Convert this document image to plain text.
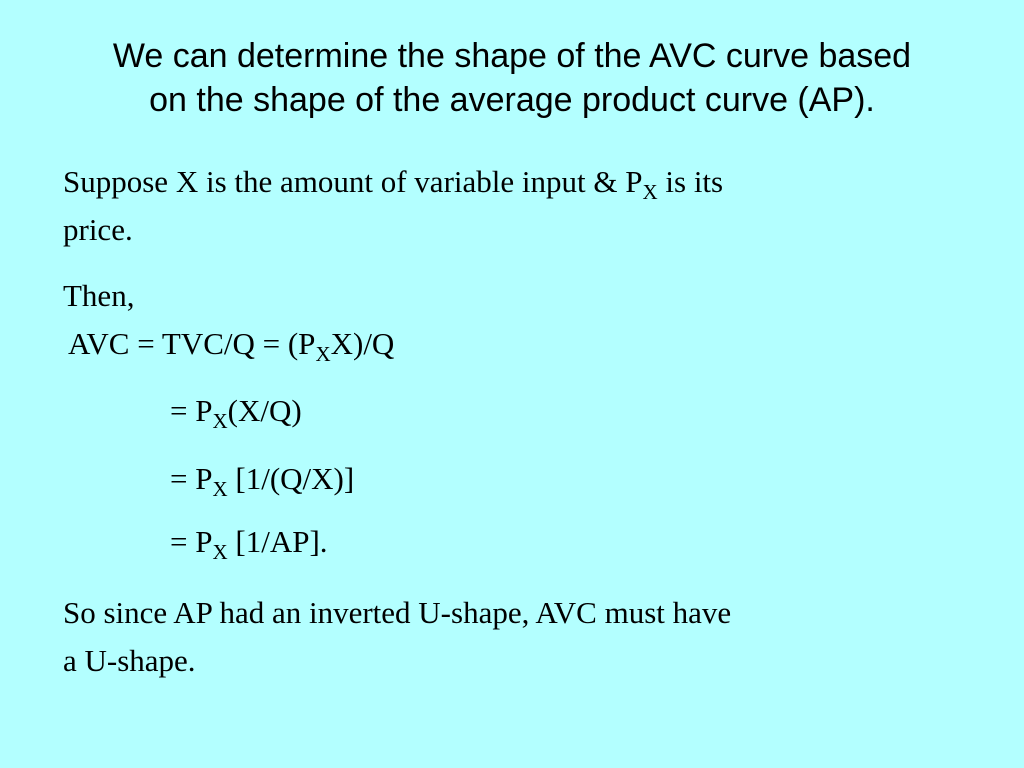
We can determine the shape of the AVC curve based
on the shape of the average product curve (AP).
Suppose X is the amount of variable input & $P_X$ is its
price.
Then,
AVC = $TVC/Q = (P_XX)/Q$
= $P_X(X/Q)$
= $P_X$ [1/(Q/X)]
= $P_X$ [1/AP].
So since AP had an inverted U-shape, AVC must have
a U-shape.
